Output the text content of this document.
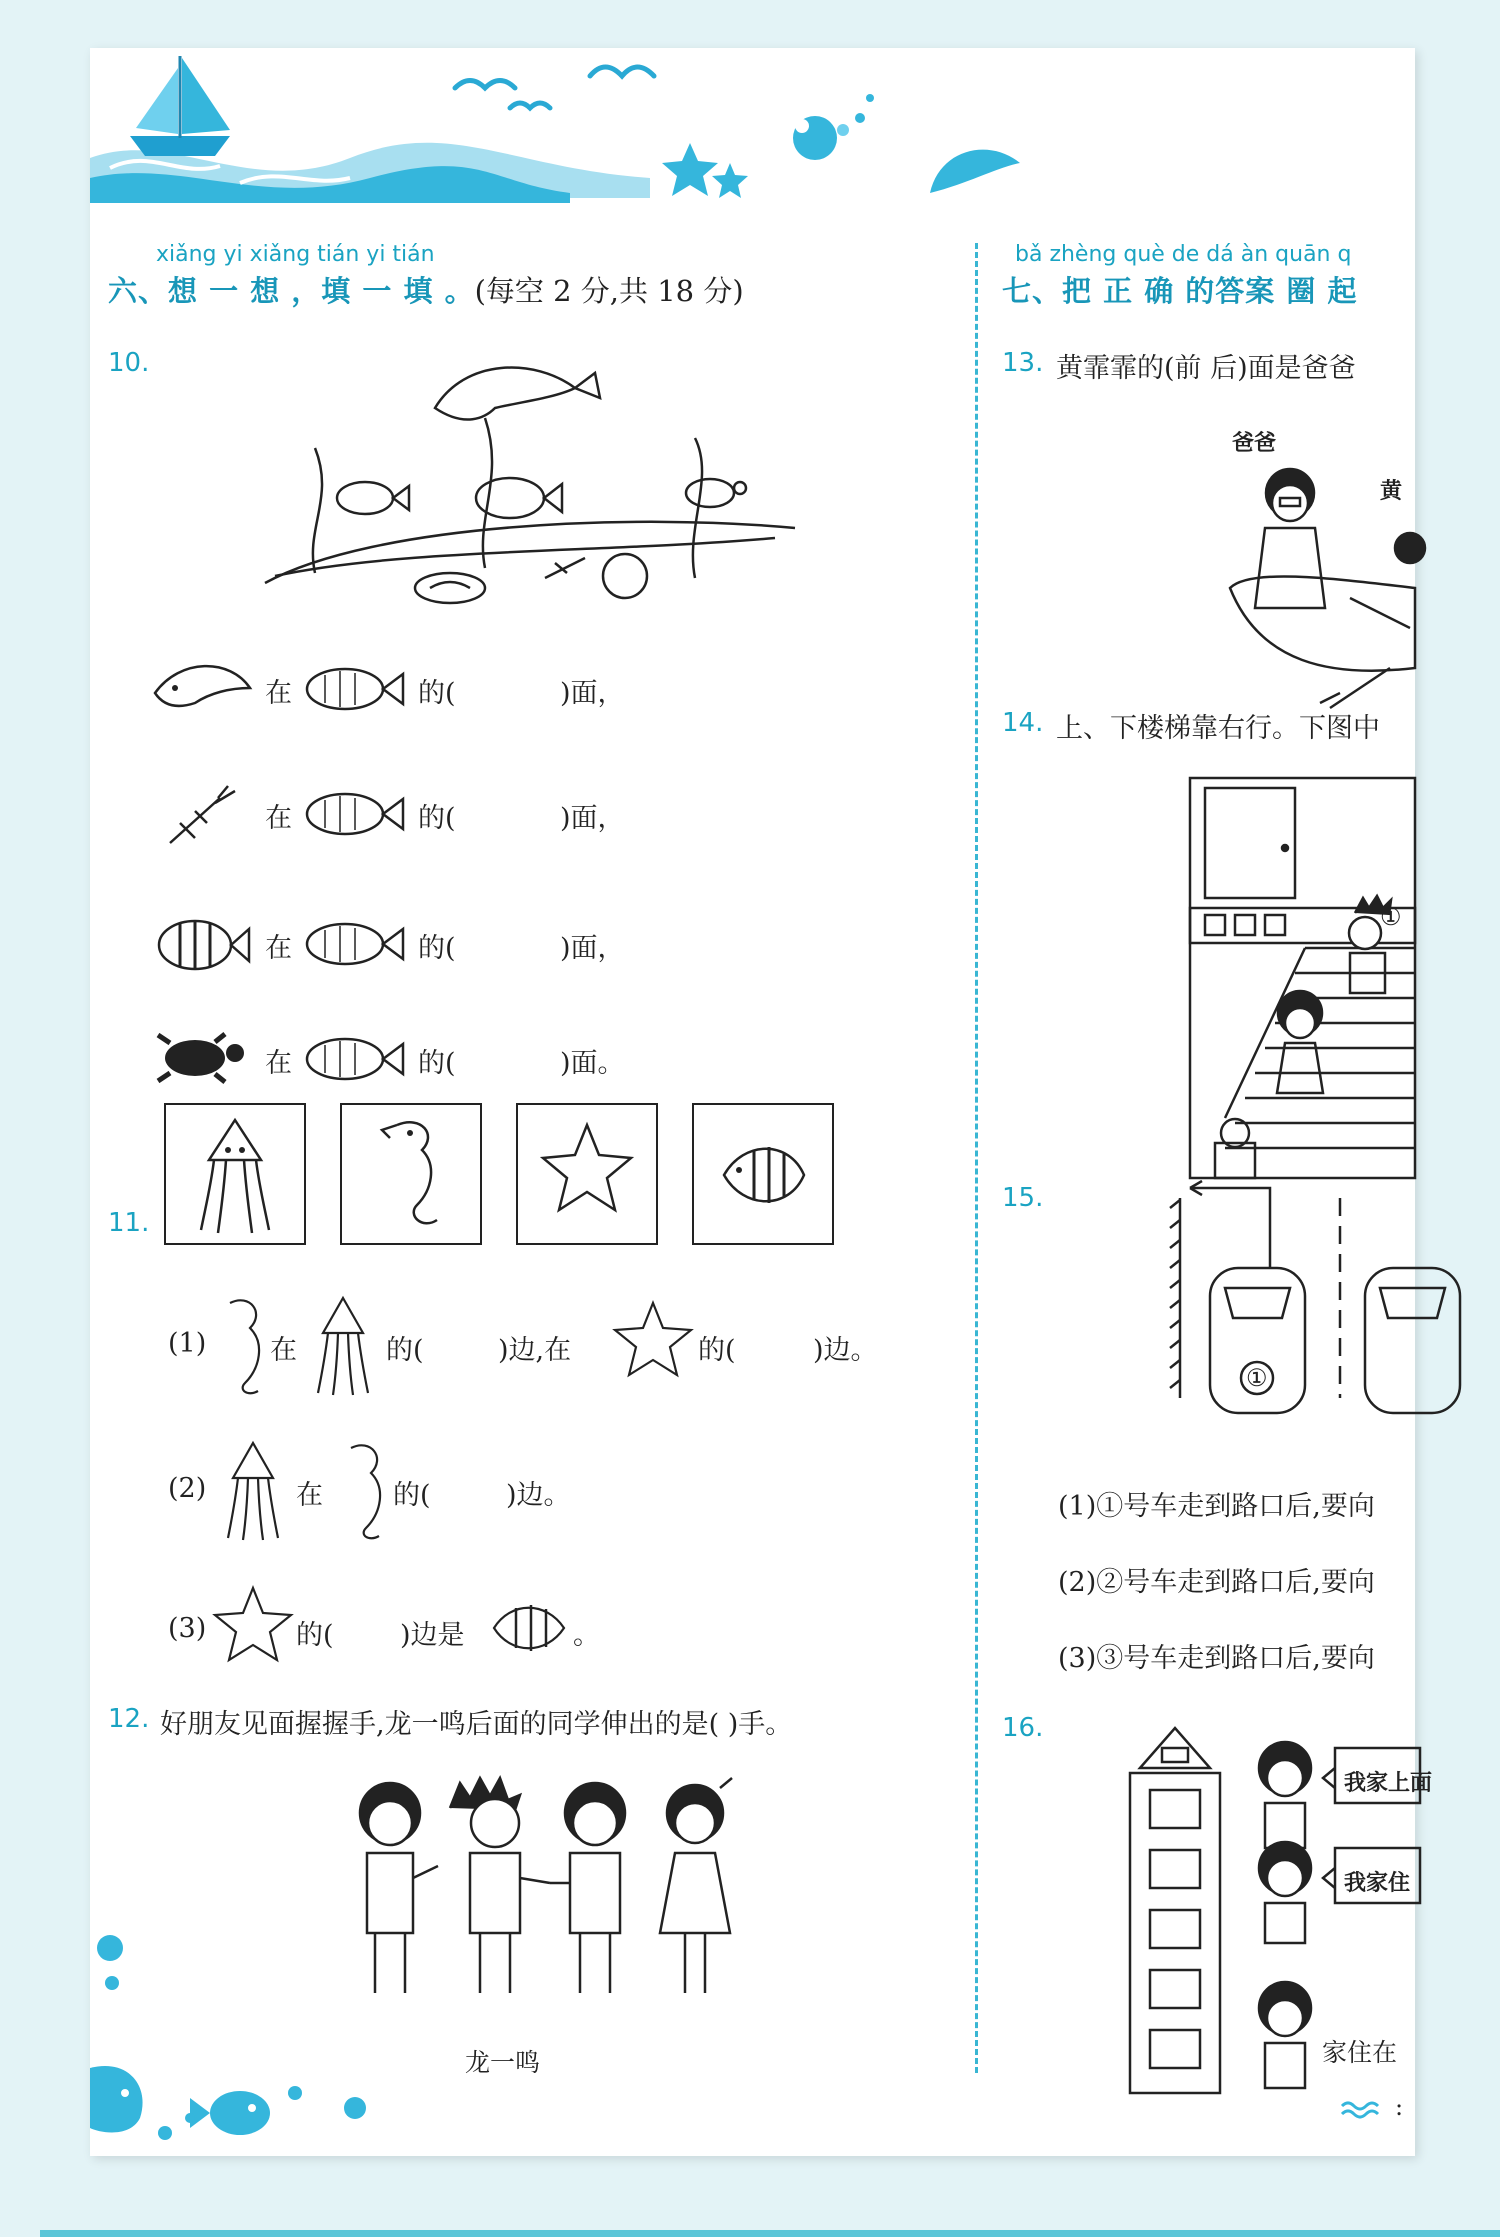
xiǎng yi xiǎng tián yi tián
六、想 一 想 ，填 一 填 。(每空 2 分,共 18 分)
10.
在	的(	)面，
在	的(	)面，
在	的(	)面，
在	的(	)面。
11.
(1) 在	的(	)边,在	的(	)边。
(2)	在	的(	)边。
(3)	的( )边是	。
12. 好朋友见面握握手,龙一鸣后面的同学伸出的是( )手。
龙一鸣
bǎ zhèng què de dá àn quān q
七、把 正 确 的答案 圈 起
13. 黄霏霏的(前 后)面是爸爸
爸爸
黄
14. 上、下楼梯靠右行。下图中
①
15.
①
(1)①号车走到路口后,要向
(2)②号车走到路口后,要向
(3)③号车走到路口后,要向
16.
我家上面
我家住
家住在
:
